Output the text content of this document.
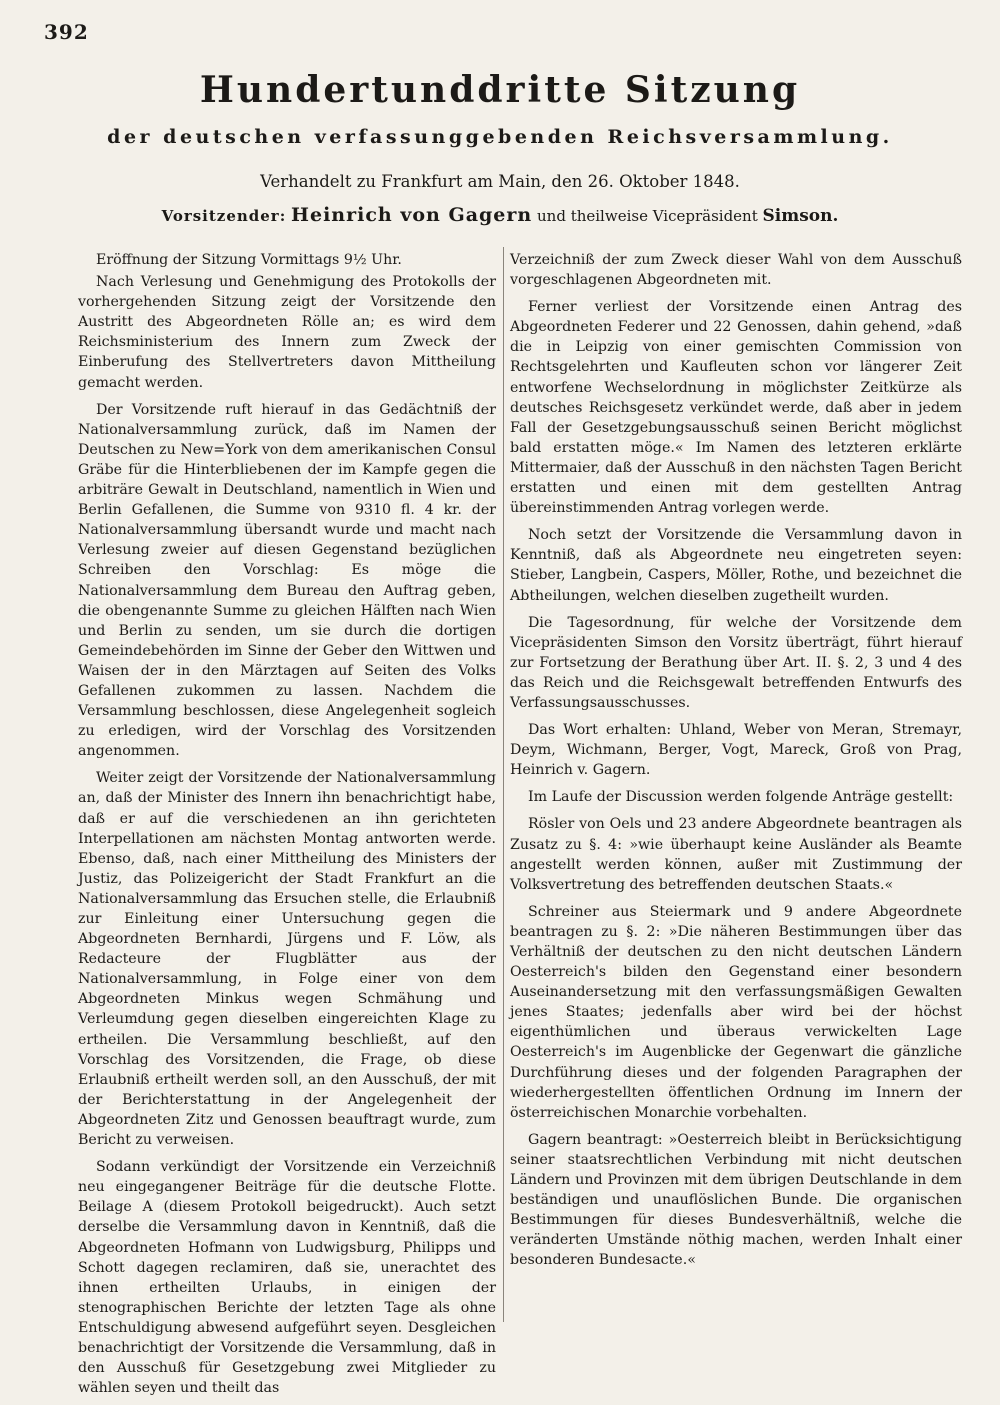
392
Hundertunddritte Sitzung
der deutschen verfassunggebenden Reichsversammlung.
Verhandelt zu Frankfurt am Main, den 26. Oktober 1848.
Vorsitzender: Heinrich von Gagern und theilweise Vicepräsident Simson.

Eröffnung der Sitzung Vormittags 9½ Uhr.

Nach Verlesung und Genehmigung des Protokolls der vorhergehenden Sitzung zeigt der Vorsitzende den Austritt des Abgeordneten Rölle an; es wird dem Reichsministerium des Innern zum Zweck der Einberufung des Stellvertreters davon Mittheilung gemacht werden.

Der Vorsitzende ruft hierauf in das Gedächtniß der Nationalversammlung zurück, daß im Namen der Deutschen zu New=York von dem amerikanischen Consul Gräbe für die Hinterbliebenen der im Kampfe gegen die arbiträre Gewalt in Deutschland, namentlich in Wien und Berlin Gefallenen, die Summe von 9310 fl. 4 kr. der Nationalversammlung übersandt wurde und macht nach Verlesung zweier auf diesen Gegenstand bezüglichen Schreiben den Vorschlag: Es möge die Nationalversammlung dem Bureau den Auftrag geben, die obengenannte Summe zu gleichen Hälften nach Wien und Berlin zu senden, um sie durch die dortigen Gemeindebehörden im Sinne der Geber den Wittwen und Waisen der in den Märztagen auf Seiten des Volks Gefallenen zukommen zu lassen. Nachdem die Versammlung beschlossen, diese Angelegenheit sogleich zu erledigen, wird der Vorschlag des Vorsitzenden angenommen.

Weiter zeigt der Vorsitzende der Nationalversammlung an, daß der Minister des Innern ihn benachrichtigt habe, daß er auf die verschiedenen an ihn gerichteten Interpellationen am nächsten Montag antworten werde. Ebenso, daß, nach einer Mittheilung des Ministers der Justiz, das Polizeigericht der Stadt Frankfurt an die Nationalversammlung das Ersuchen stelle, die Erlaubniß zur Einleitung einer Untersuchung gegen die Abgeordneten Bernhardi, Jürgens und F. Löw, als Redacteure der Flugblätter aus der Nationalversammlung, in Folge einer von dem Abgeordneten Minkus wegen Schmähung und Verleumdung gegen dieselben eingereichten Klage zu ertheilen. Die Versammlung beschließt, auf den Vorschlag des Vorsitzenden, die Frage, ob diese Erlaubniß ertheilt werden soll, an den Ausschuß, der mit der Berichterstattung in der Angelegenheit der Abgeordneten Zitz und Genossen beauftragt wurde, zum Bericht zu verweisen.

Sodann verkündigt der Vorsitzende ein Verzeichniß neu eingegangener Beiträge für die deutsche Flotte. Beilage A (diesem Protokoll beigedruckt). Auch setzt derselbe die Versammlung davon in Kenntniß, daß die Abgeordneten Hofmann von Ludwigsburg, Philipps und Schott dagegen reclamiren, daß sie, unerachtet des ihnen ertheilten Urlaubs, in einigen der stenographischen Berichte der letzten Tage als ohne Entschuldigung abwesend aufgeführt seyen. Desgleichen benachrichtigt der Vorsitzende die Versammlung, daß in den Ausschuß für Gesetzgebung zwei Mitglieder zu wählen seyen und theilt das

Verzeichniß der zum Zweck dieser Wahl von dem Ausschuß vorgeschlagenen Abgeordneten mit.

Ferner verliest der Vorsitzende einen Antrag des Abgeordneten Federer und 22 Genossen, dahin gehend, »daß die in Leipzig von einer gemischten Commission von Rechtsgelehrten und Kaufleuten schon vor längerer Zeit entworfene Wechselordnung in möglichster Zeitkürze als deutsches Reichsgesetz verkündet werde, daß aber in jedem Fall der Gesetzgebungsausschuß seinen Bericht möglichst bald erstatten möge.« Im Namen des letzteren erklärte Mittermaier, daß der Ausschuß in den nächsten Tagen Bericht erstatten und einen mit dem gestellten Antrag übereinstimmenden Antrag vorlegen werde.

Noch setzt der Vorsitzende die Versammlung davon in Kenntniß, daß als Abgeordnete neu eingetreten seyen: Stieber, Langbein, Caspers, Möller, Rothe, und bezeichnet die Abtheilungen, welchen dieselben zugetheilt wurden.

Die Tagesordnung, für welche der Vorsitzende dem Vicepräsidenten Simson den Vorsitz überträgt, führt hierauf zur Fortsetzung der Berathung über Art. II. §. 2, 3 und 4 des das Reich und die Reichsgewalt betreffenden Entwurfs des Verfassungsausschusses.

Das Wort erhalten: Uhland, Weber von Meran, Stremayr, Deym, Wichmann, Berger, Vogt, Mareck, Groß von Prag, Heinrich v. Gagern.

Im Laufe der Discussion werden folgende Anträge gestellt:

Rösler von Oels und 23 andere Abgeordnete beantragen als Zusatz zu §. 4: »wie überhaupt keine Ausländer als Beamte angestellt werden können, außer mit Zustimmung der Volksvertretung des betreffenden deutschen Staats.«

Schreiner aus Steiermark und 9 andere Abgeordnete beantragen zu §. 2: »Die näheren Bestimmungen über das Verhältniß der deutschen zu den nicht deutschen Ländern Oesterreich's bilden den Gegenstand einer besondern Auseinandersetzung mit den verfassungsmäßigen Gewalten jenes Staates; jedenfalls aber wird bei der höchst eigenthümlichen und überaus verwickelten Lage Oesterreich's im Augenblicke der Gegenwart die gänzliche Durchführung dieses und der folgenden Paragraphen der wiederhergestellten öffentlichen Ordnung im Innern der österreichischen Monarchie vorbehalten.

Gagern beantragt: »Oesterreich bleibt in Berücksichtigung seiner staatsrechtlichen Verbindung mit nicht deutschen Ländern und Provinzen mit dem übrigen Deutschlande in dem beständigen und unauflöslichen Bunde. Die organischen Bestimmungen für dieses Bundesverhältniß, welche die veränderten Umstände nöthig machen, werden Inhalt einer besonderen Bundesacte.«
